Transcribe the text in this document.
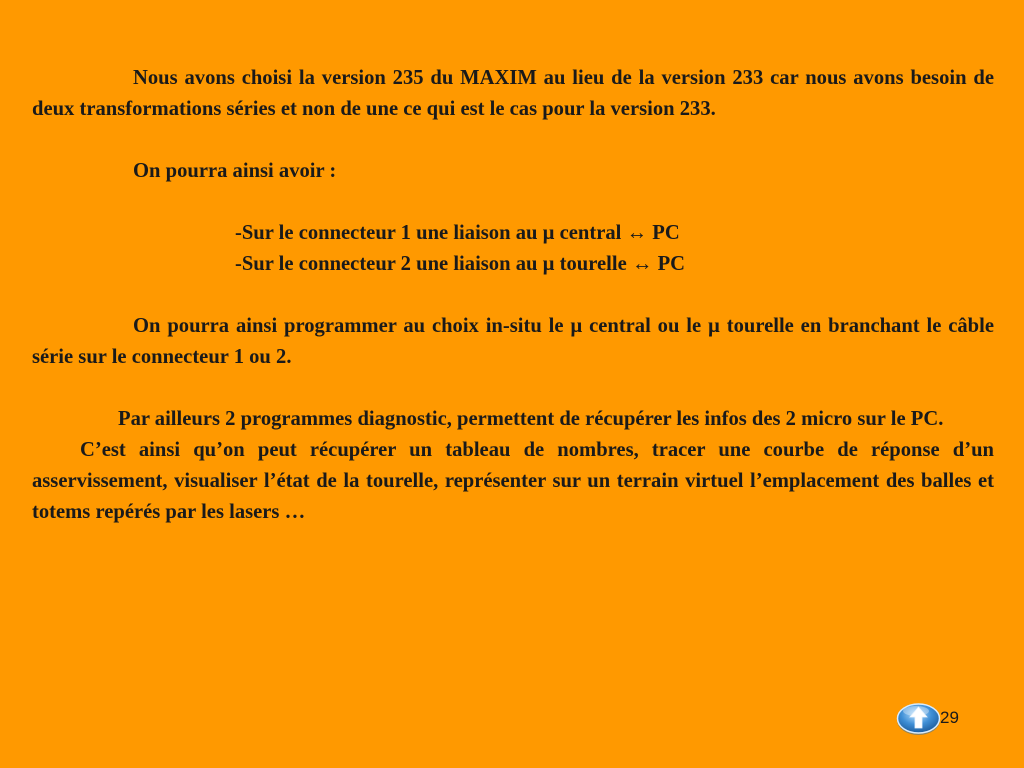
Nous avons choisi la version 235 du MAXIM au lieu de la version 233 car nous avons besoin de deux transformations séries et non de une ce qui est le cas pour la version 233.

On pourra ainsi avoir :

-Sur le connecteur 1 une liaison au µ central ↔ PC

-Sur le connecteur 2 une liaison au µ tourelle ↔ PC

On pourra ainsi programmer au choix in-situ le µ central ou le µ tourelle en branchant le câble série sur le connecteur 1 ou 2.

Par ailleurs 2 programmes diagnostic, permettent de récupérer les infos des 2 micro sur le PC.

C’est ainsi qu’on peut récupérer un tableau de nombres, tracer une courbe de réponse d’un asservissement, visualiser l’état de la tourelle, représenter sur un terrain virtuel l’emplacement des balles et totems repérés par les lasers …

29
